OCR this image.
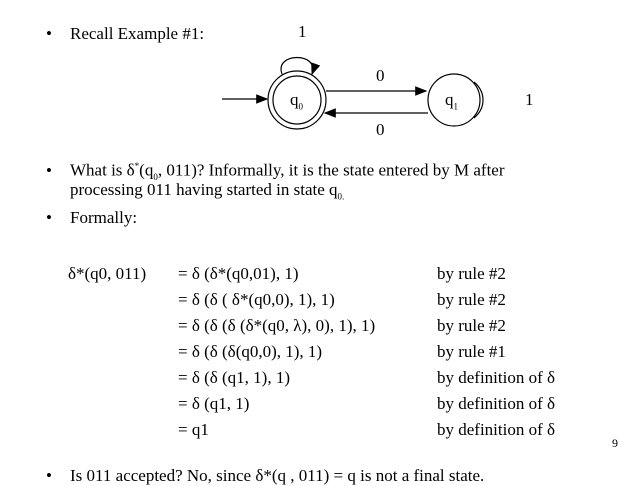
• Recall Example #1:
$q_0$	$q_1$
1
0
0
1
• What is $\delta^*(q_0$, 011)? Informally, it is the state entered by M after
processing 011 having started in state $q_{0.}$
• Formally:
δ*(q0, 011) = δ (δ*(q0,01), 1)	by rule #2
= δ (δ ( δ*(q0,0), 1), 1)	by rule #2
= δ (δ (δ (δ*(q0, λ), 0), 1), 1)	by rule #2
= δ (δ (δ(q0,0), 1), 1)	by rule #1
= δ (δ (q1, 1), 1)	by definition of δ
= δ (q1, 1)	by definition of δ
= q1	by definition of δ
9
• Is 011 accepted? No, since δ*(q , 011) = q is not a final state.
